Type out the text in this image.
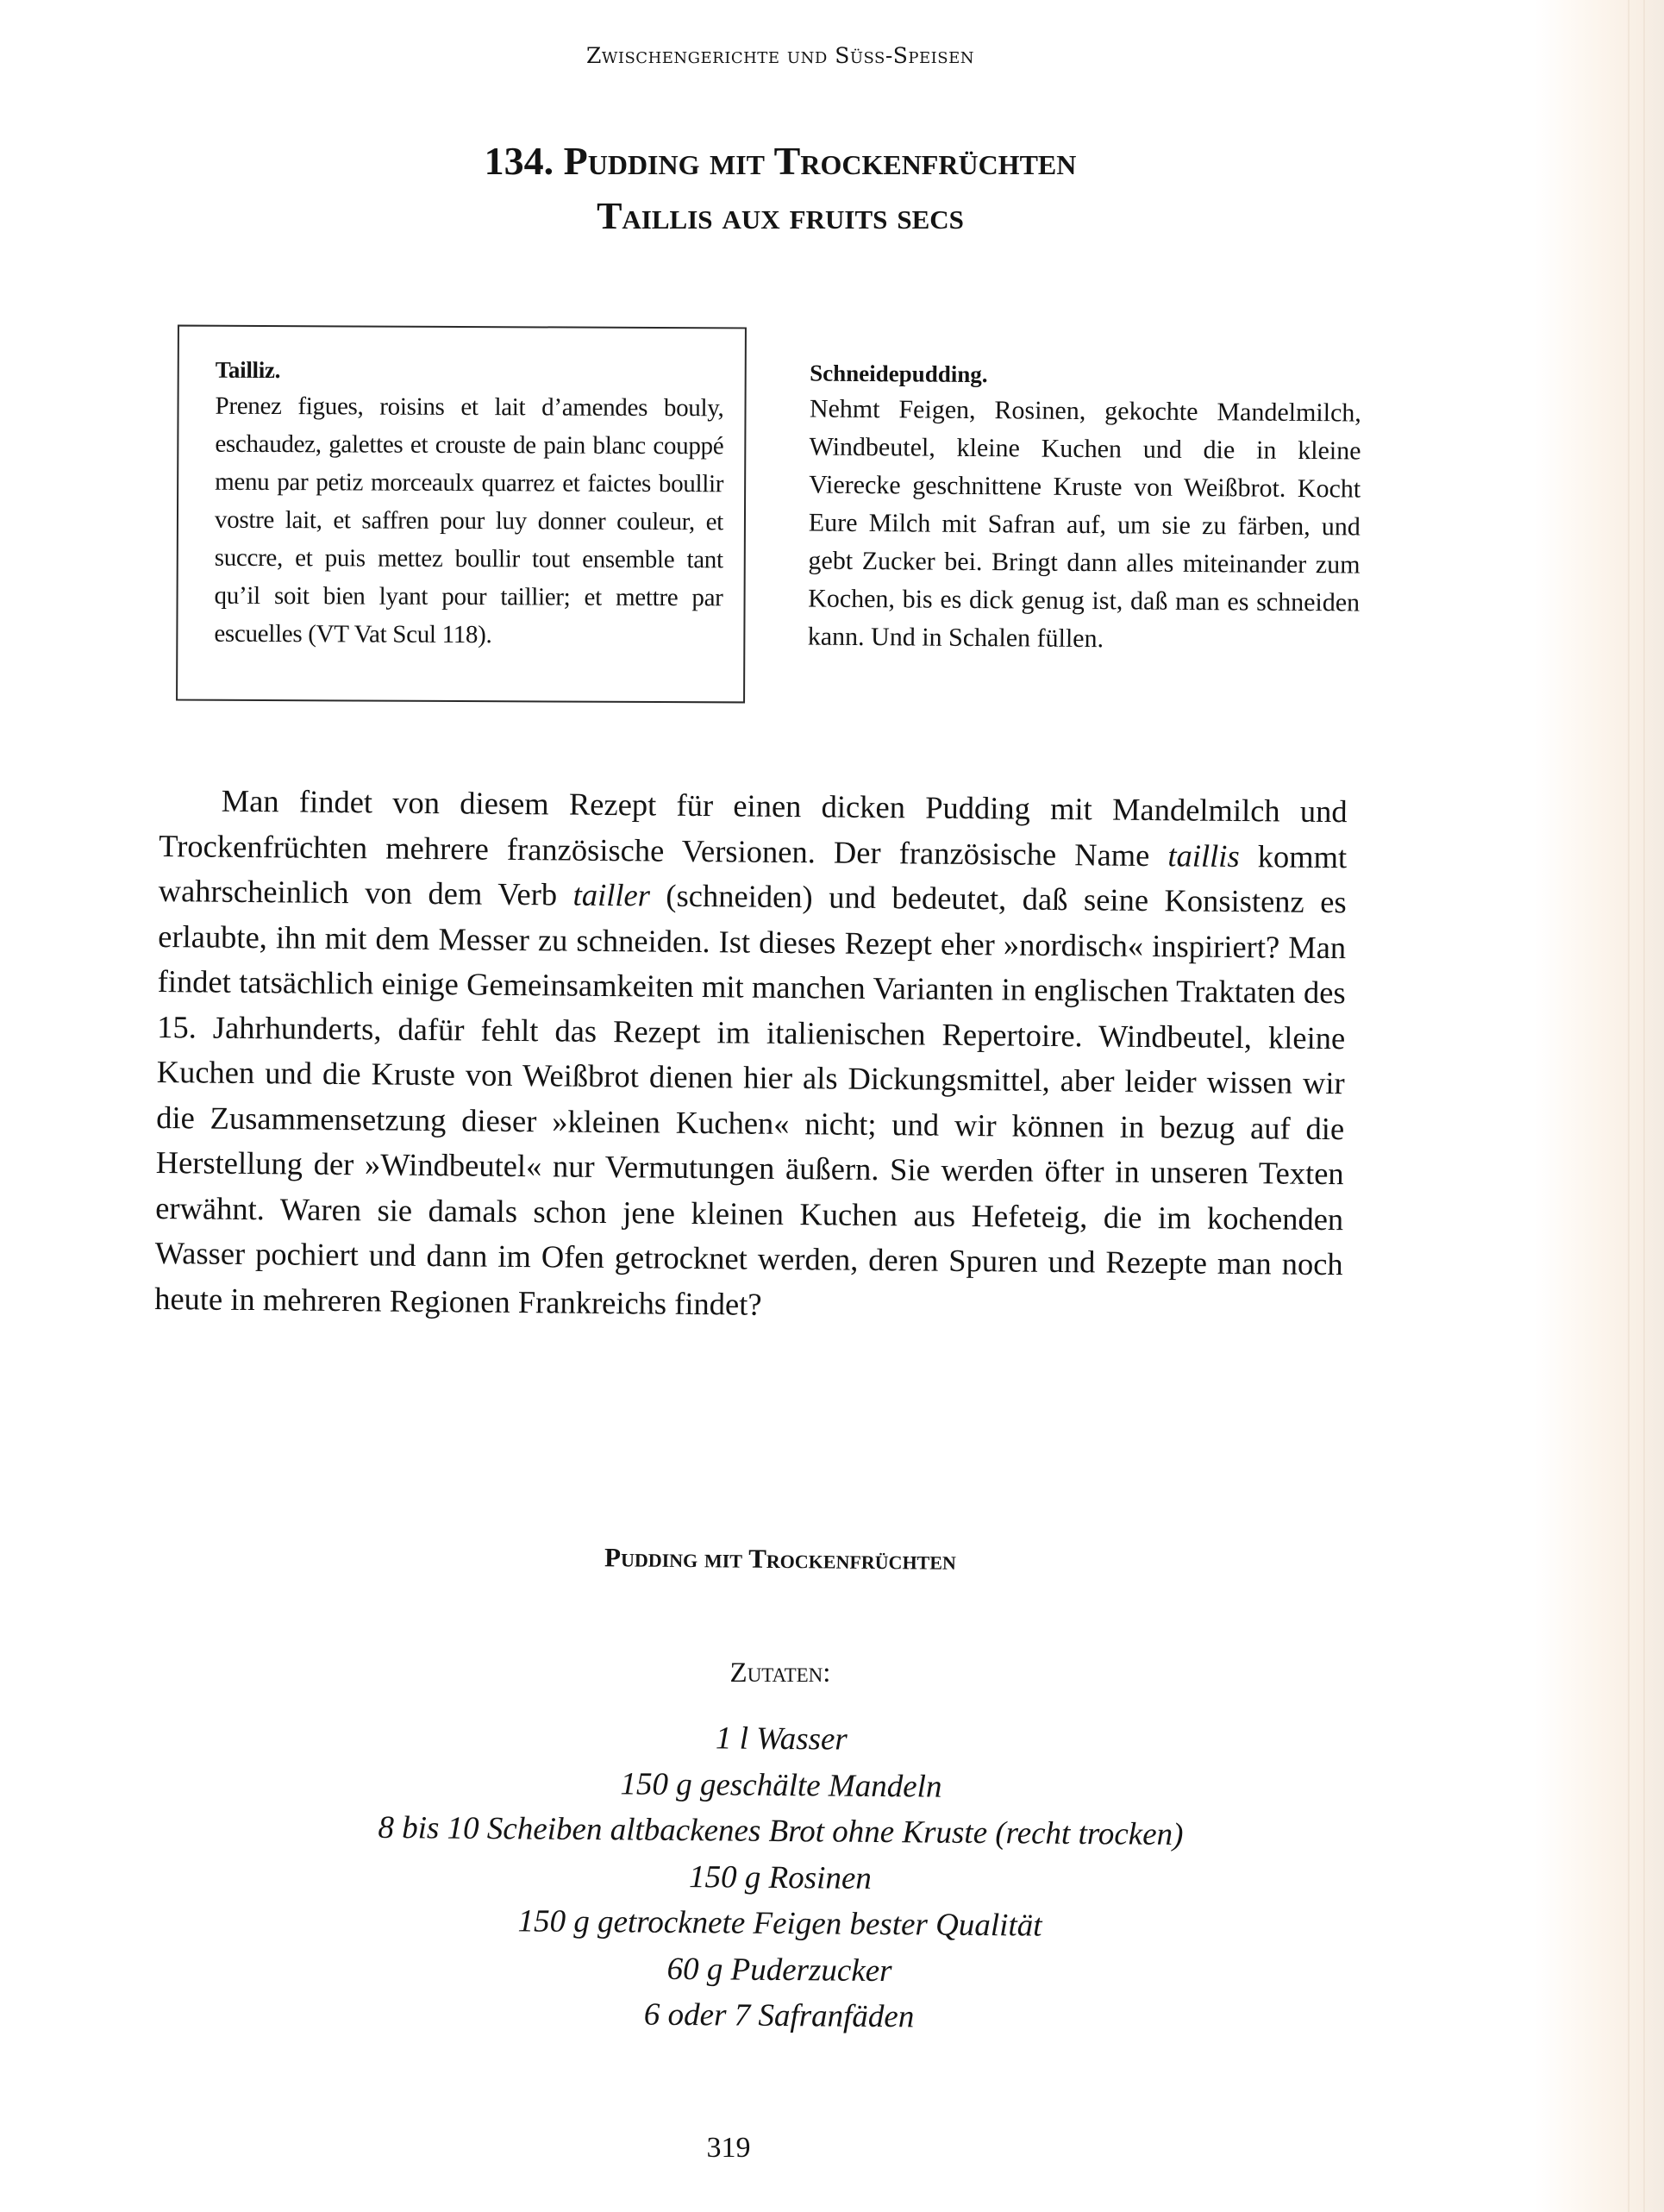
Zwischengerichte und Süss-Speisen
134. Pudding mit Trockenfrüchten
Taillis aux fruits secs
Tailliz.
Prenez figues, roisins et lait d’amendes bouly, eschaudez, galettes et crouste de pain blanc couppé menu par petiz morceaulx quarrez et faictes boullir vostre lait, et saffren pour luy donner couleur, et succre, et puis mettez boullir tout ensemble tant qu’il soit bien lyant pour taillier; et mettre par escuelles (VT Vat Scul 118).
Schneidepudding.
Nehmt Feigen, Rosinen, gekochte Mandelmilch, Windbeutel, kleine Kuchen und die in kleine Vierecke geschnittene Kruste von Weißbrot. Kocht Eure Milch mit Safran auf, um sie zu färben, und gebt Zucker bei. Bringt dann alles miteinander zum Kochen, bis es dick genug ist, daß man es schneiden kann. Und in Schalen füllen.

Man findet von diesem Rezept für einen dicken Pudding mit Mandelmilch und Trockenfrüchten mehrere französische Versionen. Der französische Name taillis kommt wahrscheinlich von dem Verb tailler (schneiden) und bedeutet, daß seine Konsistenz es erlaubte, ihn mit dem Messer zu schneiden. Ist dieses Rezept eher »nordisch« inspiriert? Man findet tatsächlich einige Gemeinsamkeiten mit manchen Varianten in englischen Traktaten des 15. Jahrhunderts, dafür fehlt das Rezept im italienischen Repertoire. Windbeutel, kleine Kuchen und die Kruste von Weißbrot dienen hier als Dickungsmittel, aber leider wissen wir die Zusammensetzung dieser »kleinen Kuchen« nicht; und wir können in bezug auf die Herstellung der »Windbeutel« nur Vermutungen äußern. Sie werden öfter in unseren Texten erwähnt. Waren sie damals schon jene kleinen Kuchen aus Hefeteig, die im kochenden Wasser pochiert und dann im Ofen getrocknet werden, deren Spuren und Rezepte man noch heute in mehreren Regionen Frankreichs findet?

Pudding mit Trockenfrüchten
Zutaten:
1 l Wasser
150 g geschälte Mandeln
8 bis 10 Scheiben altbackenes Brot ohne Kruste (recht trocken)
150 g Rosinen
150 g getrocknete Feigen bester Qualität
60 g Puderzucker
6 oder 7 Safranfäden
319
